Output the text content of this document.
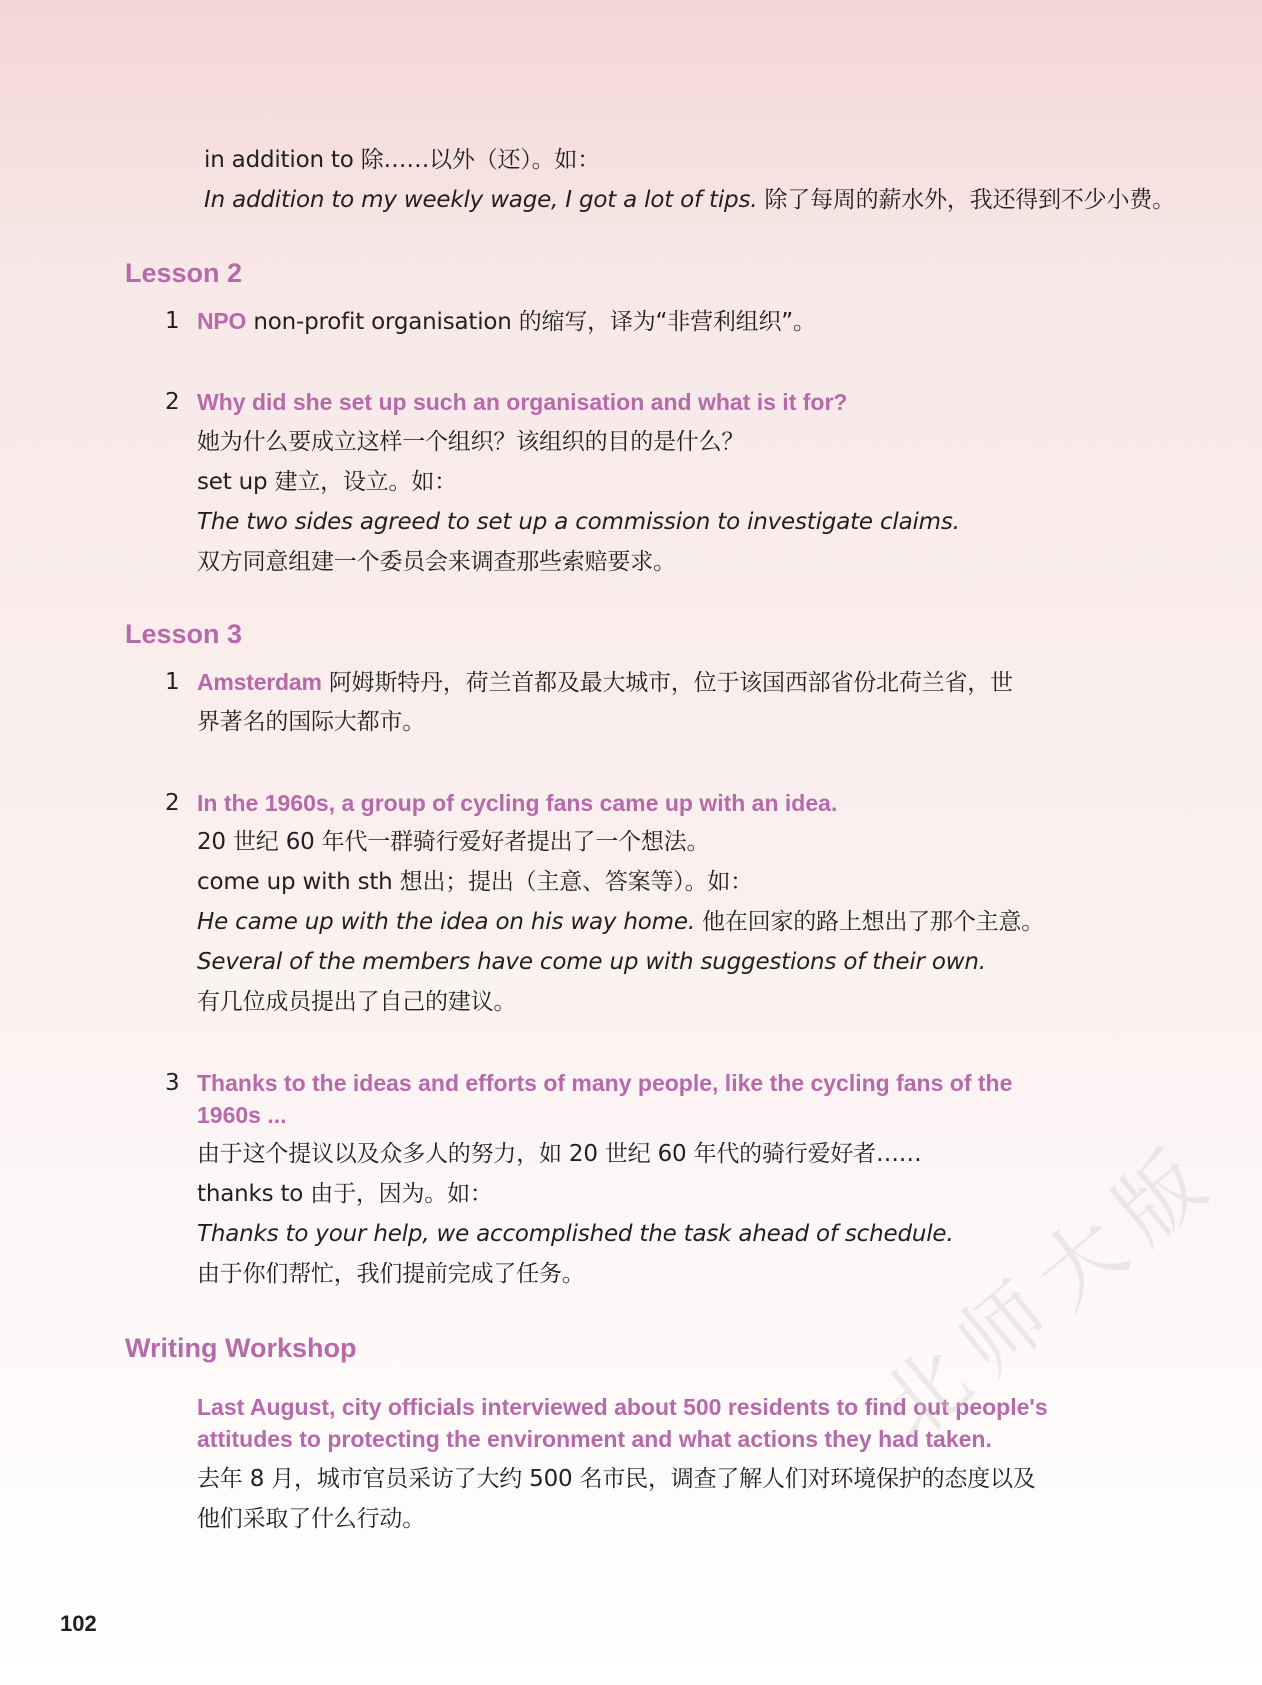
in addition to 除……以外（还）。如：
In addition to my weekly wage, I got a lot of tips. 除了每周的薪水外，我还得到不少小费。
Lesson 2
1 NPO non-profit organisation 的缩写，译为“非营利组织”。
2 Why did she set up such an organisation and what is it for?
她为什么要成立这样一个组织？该组织的目的是什么？
set up 建立，设立。如：
The two sides agreed to set up a commission to investigate claims.
双方同意组建一个委员会来调查那些索赔要求。
Lesson 3
1 Amsterdam 阿姆斯特丹，荷兰首都及最大城市，位于该国西部省份北荷兰省，世
界著名的国际大都市。
2 In the 1960s, a group of cycling fans came up with an idea.
20 世纪 60 年代一群骑行爱好者提出了一个想法。
come up with sth 想出；提出（主意、答案等）。如：
He came up with the idea on his way home. 他在回家的路上想出了那个主意。
Several of the members have come up with suggestions of their own.
有几位成员提出了自己的建议。
3 Thanks to the ideas and efforts of many people, like the cycling fans of the
1960s ...
由于这个提议以及众多人的努力，如 20 世纪 60 年代的骑行爱好者……
thanks to 由于，因为。如：
Thanks to your help, we accomplished the task ahead of schedule.
由于你们帮忙，我们提前完成了任务。
Writing Workshop
Last August, city officials interviewed about 500 residents to find out people's
attitudes to protecting the environment and what actions they had taken.
去年 8 月，城市官员采访了大约 500 名市民，调查了解人们对环境保护的态度以及
他们采取了什么行动。
102
北师大版
